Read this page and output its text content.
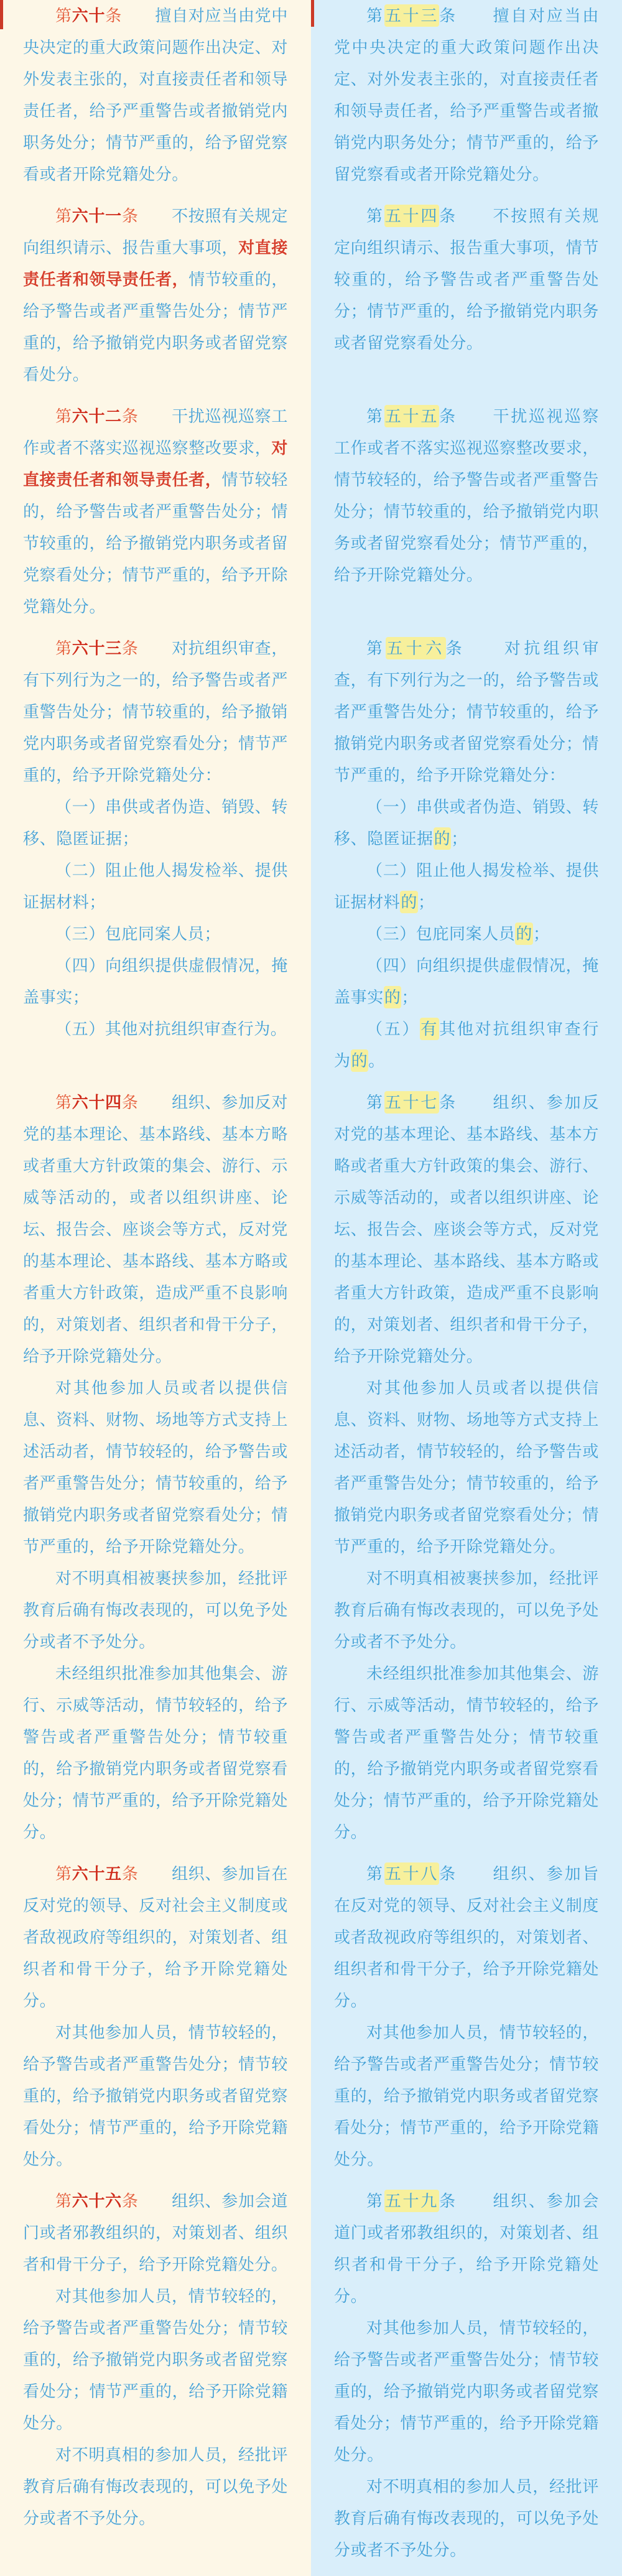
第六十条　　擅自对应当由党中央决定的重大政策问题作出决定、对外发表主张的，对直接责任者和领导责任者，给予严重警告或者撤销党内职务处分；情节严重的，给予留党察看或者开除党籍处分。

第五十三条　　擅自对应当由党中央决定的重大政策问题作出决定、对外发表主张的，对直接责任者和领导责任者，给予严重警告或者撤销党内职务处分；情节严重的，给予留党察看或者开除党籍处分。

第六十一条　　不按照有关规定向组织请示、报告重大事项，对直接责任者和领导责任者，情节较重的，给予警告或者严重警告处分；情节严重的，给予撤销党内职务或者留党察看处分。

第五十四条　　不按照有关规定向组织请示、报告重大事项，情节较重的，给予警告或者严重警告处分；情节严重的，给予撤销党内职务或者留党察看处分。

第六十二条　　干扰巡视巡察工作或者不落实巡视巡察整改要求，对直接责任者和领导责任者，情节较轻的，给予警告或者严重警告处分；情节较重的，给予撤销党内职务或者留党察看处分；情节严重的，给予开除党籍处分。

第五十五条　　干扰巡视巡察工作或者不落实巡视巡察整改要求，情节较轻的，给予警告或者严重警告处分；情节较重的，给予撤销党内职务或者留党察看处分；情节严重的，给予开除党籍处分。

第六十三条　　对抗组织审查，有下列行为之一的，给予警告或者严重警告处分；情节较重的，给予撤销党内职务或者留党察看处分；情节严重的，给予开除党籍处分：

（一）串供或者伪造、销毁、转移、隐匿证据；

（二）阻止他人揭发检举、提供证据材料；

（三）包庇同案人员；

（四）向组织提供虚假情况，掩盖事实；

（五）其他对抗组织审查行为。

第五十六条　　对抗组织审查，有下列行为之一的，给予警告或者严重警告处分；情节较重的，给予撤销党内职务或者留党察看处分；情节严重的，给予开除党籍处分：

（一）串供或者伪造、销毁、转移、隐匿证据的；

（二）阻止他人揭发检举、提供证据材料的；

（三）包庇同案人员的；

（四）向组织提供虚假情况，掩盖事实的；

（五）有其他对抗组织审查行为的。

第六十四条　　组织、参加反对党的基本理论、基本路线、基本方略或者重大方针政策的集会、游行、示威等活动的，或者以组织讲座、论坛、报告会、座谈会等方式，反对党的基本理论、基本路线、基本方略或者重大方针政策，造成严重不良影响的，对策划者、组织者和骨干分子，给予开除党籍处分。

对其他参加人员或者以提供信息、资料、财物、场地等方式支持上述活动者，情节较轻的，给予警告或者严重警告处分；情节较重的，给予撤销党内职务或者留党察看处分；情节严重的，给予开除党籍处分。

对不明真相被裹挟参加，经批评教育后确有悔改表现的，可以免予处分或者不予处分。

未经组织批准参加其他集会、游行、示威等活动，情节较轻的，给予警告或者严重警告处分；情节较重的，给予撤销党内职务或者留党察看处分；情节严重的，给予开除党籍处分。

第五十七条　　组织、参加反对党的基本理论、基本路线、基本方略或者重大方针政策的集会、游行、示威等活动的，或者以组织讲座、论坛、报告会、座谈会等方式，反对党的基本理论、基本路线、基本方略或者重大方针政策，造成严重不良影响的，对策划者、组织者和骨干分子，给予开除党籍处分。

对其他参加人员或者以提供信息、资料、财物、场地等方式支持上述活动者，情节较轻的，给予警告或者严重警告处分；情节较重的，给予撤销党内职务或者留党察看处分；情节严重的，给予开除党籍处分。

对不明真相被裹挟参加，经批评教育后确有悔改表现的，可以免予处分或者不予处分。

未经组织批准参加其他集会、游行、示威等活动，情节较轻的，给予警告或者严重警告处分；情节较重的，给予撤销党内职务或者留党察看处分；情节严重的，给予开除党籍处分。

第六十五条　　组织、参加旨在反对党的领导、反对社会主义制度或者敌视政府等组织的，对策划者、组织者和骨干分子，给予开除党籍处分。

对其他参加人员，情节较轻的，给予警告或者严重警告处分；情节较重的，给予撤销党内职务或者留党察看处分；情节严重的，给予开除党籍处分。

第五十八条　　组织、参加旨在反对党的领导、反对社会主义制度或者敌视政府等组织的，对策划者、组织者和骨干分子，给予开除党籍处分。

对其他参加人员，情节较轻的，给予警告或者严重警告处分；情节较重的，给予撤销党内职务或者留党察看处分；情节严重的，给予开除党籍处分。

第六十六条　　组织、参加会道门或者邪教组织的，对策划者、组织者和骨干分子，给予开除党籍处分。

对其他参加人员，情节较轻的，给予警告或者严重警告处分；情节较重的，给予撤销党内职务或者留党察看处分；情节严重的，给予开除党籍处分。

对不明真相的参加人员，经批评教育后确有悔改表现的，可以免予处分或者不予处分。

第五十九条　　组织、参加会道门或者邪教组织的，对策划者、组织者和骨干分子，给予开除党籍处分。

对其他参加人员，情节较轻的，给予警告或者严重警告处分；情节较重的，给予撤销党内职务或者留党察看处分；情节严重的，给予开除党籍处分。

对不明真相的参加人员，经批评教育后确有悔改表现的，可以免予处分或者不予处分。
